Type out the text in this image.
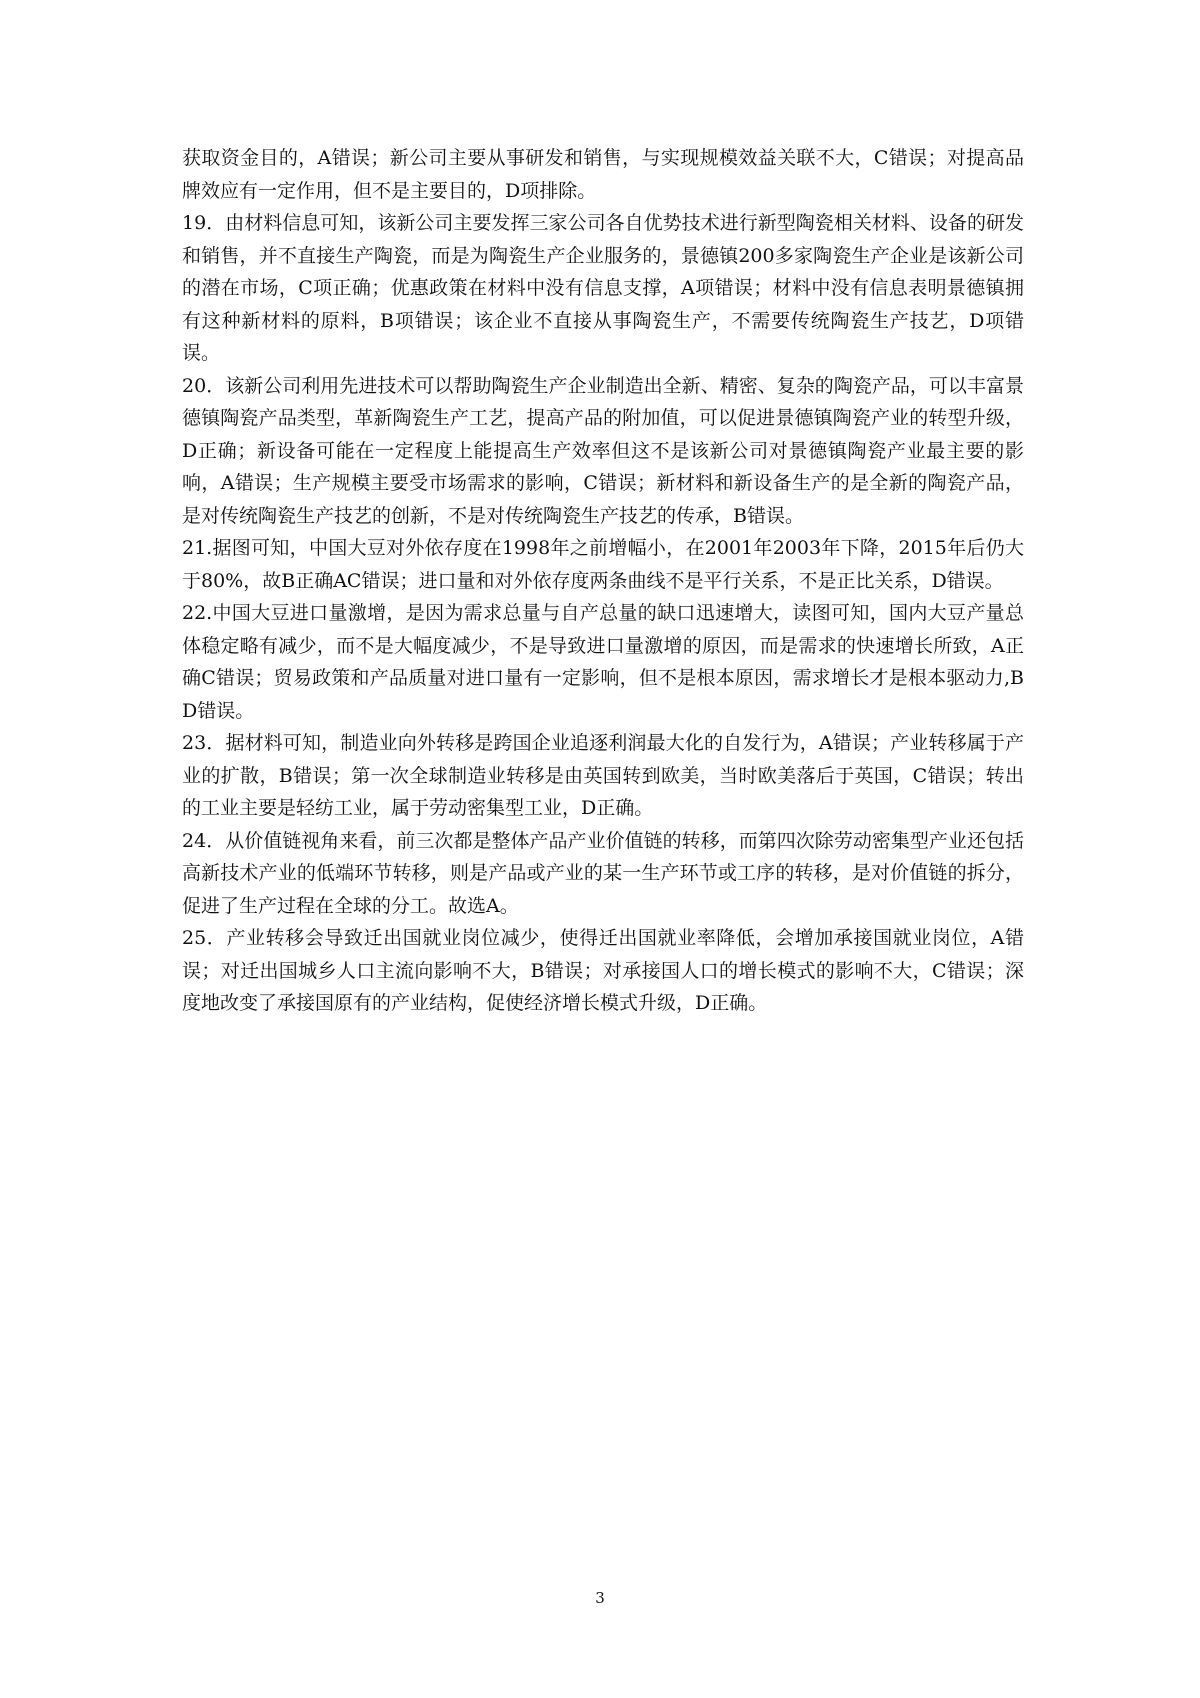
获取资金目的，A错误；新公司主要从事研发和销售，与实现规模效益关联不大，C错误；对提高品牌效应有一定作用，但不是主要目的，D项排除。

19．由材料信息可知，该新公司主要发挥三家公司各自优势技术进行新型陶瓷相关材料、设备的研发和销售，并不直接生产陶瓷，而是为陶瓷生产企业服务的，景德镇200多家陶瓷生产企业是该新公司的潜在市场，C项正确；优惠政策在材料中没有信息支撑，A项错误；材料中没有信息表明景德镇拥有这种新材料的原料，B项错误；该企业不直接从事陶瓷生产，不需要传统陶瓷生产技艺，D项错误。

20．该新公司利用先进技术可以帮助陶瓷生产企业制造出全新、精密、复杂的陶瓷产品，可以丰富景德镇陶瓷产品类型，革新陶瓷生产工艺，提高产品的附加值，可以促进景德镇陶瓷产业的转型升级，D正确；新设备可能在一定程度上能提高生产效率但这不是该新公司对景德镇陶瓷产业最主要的影响，A错误；生产规模主要受市场需求的影响，C错误；新材料和新设备生产的是全新的陶瓷产品，是对传统陶瓷生产技艺的创新，不是对传统陶瓷生产技艺的传承，B错误。

21.据图可知，中国大豆对外依存度在1998年之前增幅小，在2001年2003年下降，2015年后仍大于80%，故B正确AC错误；进口量和对外依存度两条曲线不是平行关系，不是正比关系，D错误。

22.中国大豆进口量激增，是因为需求总量与自产总量的缺口迅速增大，读图可知，国内大豆产量总体稳定略有减少，而不是大幅度减少，不是导致进口量激增的原因，而是需求的快速增长所致，A正确C错误；贸易政策和产品质量对进口量有一定影响，但不是根本原因，需求增长才是根本驱动力,BD错误。

23．据材料可知，制造业向外转移是跨国企业追逐利润最大化的自发行为，A错误；产业转移属于产业的扩散，B错误；第一次全球制造业转移是由英国转到欧美，当时欧美落后于英国，C错误；转出的工业主要是轻纺工业，属于劳动密集型工业，D正确。

24．从价值链视角来看，前三次都是整体产品产业价值链的转移，而第四次除劳动密集型产业还包括高新技术产业的低端环节转移，则是产品或产业的某一生产环节或工序的转移，是对价值链的拆分，促进了生产过程在全球的分工。故选A。

25．产业转移会导致迁出国就业岗位减少，使得迁出国就业率降低，会增加承接国就业岗位，A错误；对迁出国城乡人口主流向影响不大，B错误；对承接国人口的增长模式的影响不大，C错误；深度地改变了承接国原有的产业结构，促使经济增长模式升级，D正确。

3
